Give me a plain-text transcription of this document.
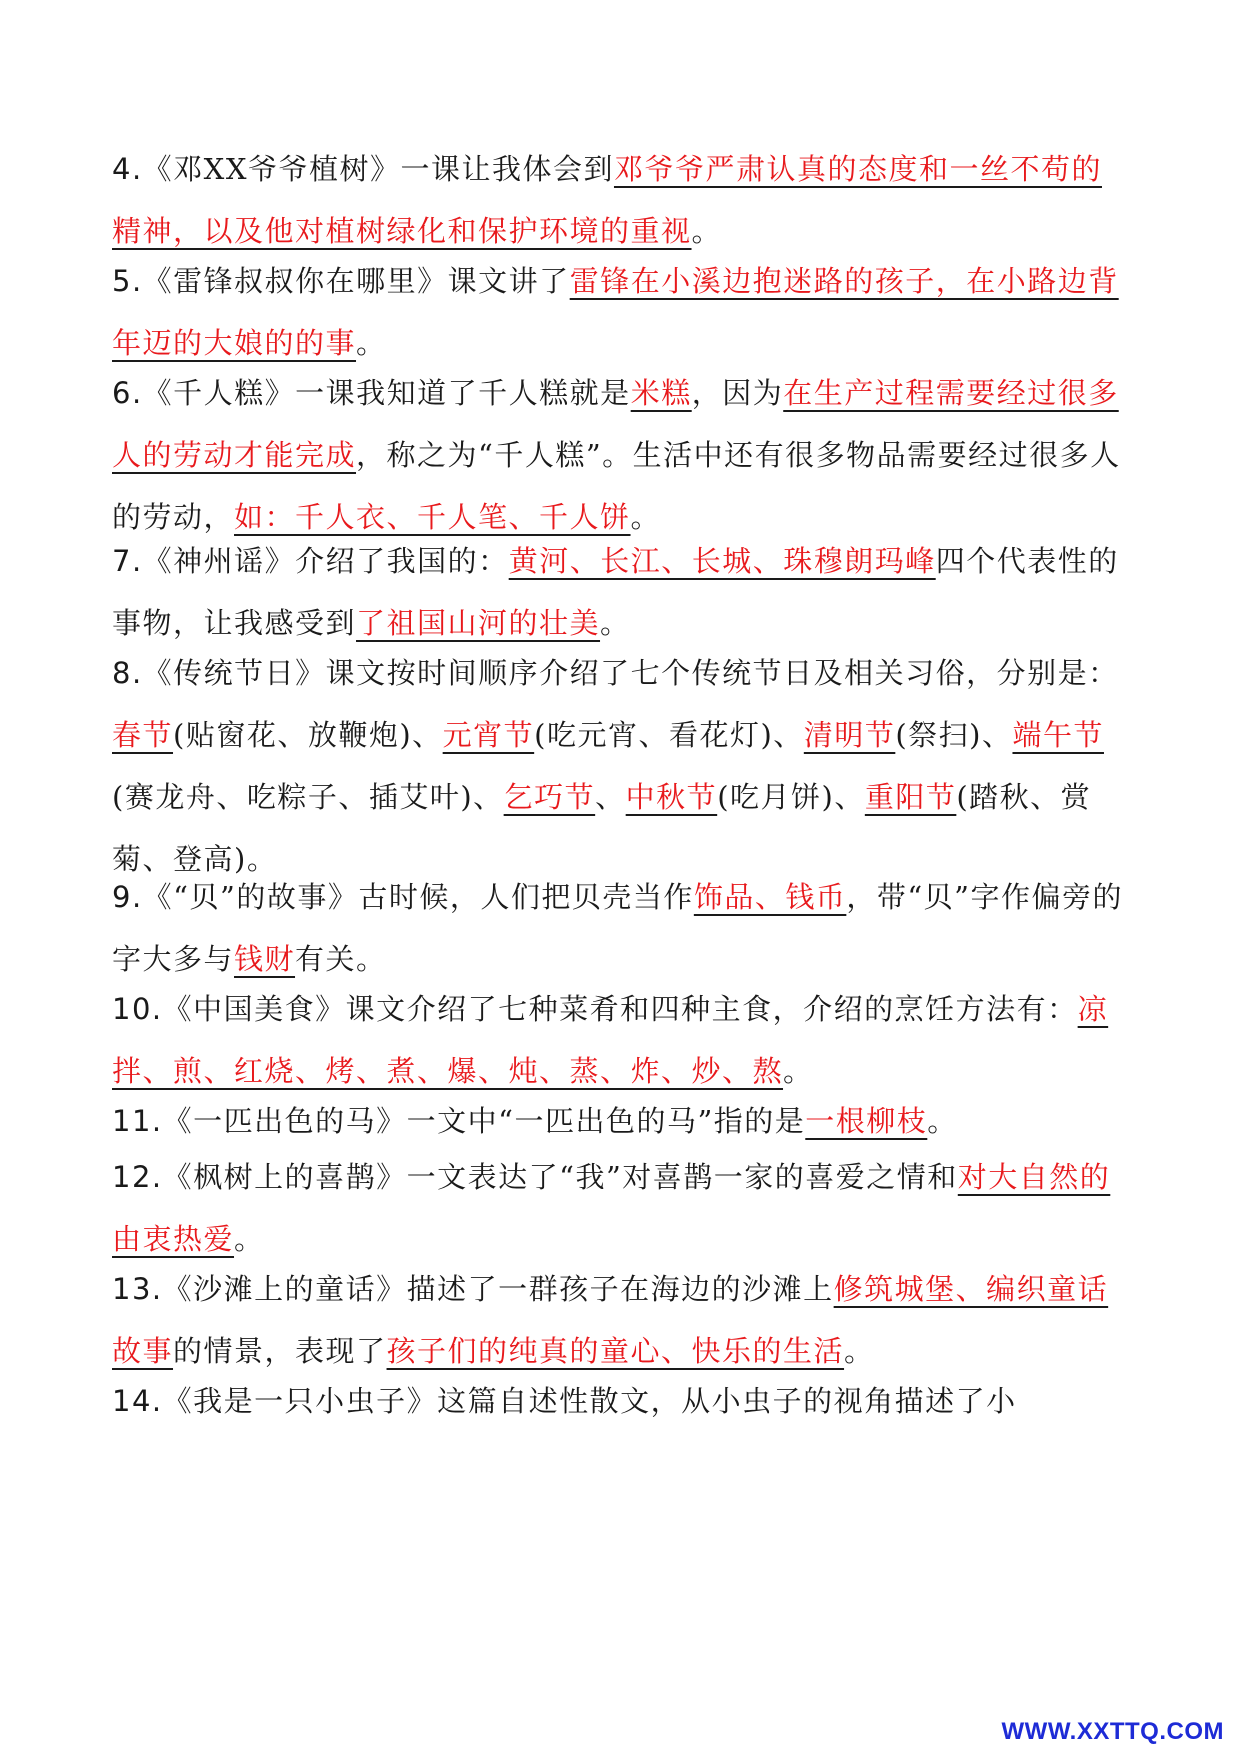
4.《邓XX爷爷植树》一课让我体会到邓爷爷严肃认真的态度和一丝不苟的精神，以及他对植树绿化和保护环境的重视。

5.《雷锋叔叔你在哪里》课文讲了雷锋在小溪边抱迷路的孩子，在小路边背年迈的大娘的的事。

6.《千人糕》一课我知道了千人糕就是米糕，因为在生产过程需要经过很多人的劳动才能完成，称之为“千人糕”。生活中还有很多物品需要经过很多人的劳动，如：千人衣、千人笔、千人饼。

7.《神州谣》介绍了我国的：黄河、长江、长城、珠穆朗玛峰四个代表性的事物，让我感受到了祖国山河的壮美。

8.《传统节日》课文按时间顺序介绍了七个传统节日及相关习俗，分别是：春节(贴窗花、放鞭炮)、元宵节(吃元宵、看花灯)、清明节(祭扫)、端午节(赛龙舟、吃粽子、插艾叶)、乞巧节、中秋节(吃月饼)、重阳节(踏秋、赏菊、登高)。

9.《“贝”的故事》古时候，人们把贝壳当作饰品、钱币，带“贝”字作偏旁的字大多与钱财有关。

10.《中国美食》课文介绍了七种菜肴和四种主食，介绍的烹饪方法有：凉拌、煎、红烧、烤、煮、爆、炖、蒸、炸、炒、熬。

11.《一匹出色的马》一文中“一匹出色的马”指的是一根柳枝。

12.《枫树上的喜鹊》一文表达了“我”对喜鹊一家的喜爱之情和对大自然的由衷热爱。

13.《沙滩上的童话》描述了一群孩子在海边的沙滩上修筑城堡、编织童话故事的情景，表现了孩子们的纯真的童心、快乐的生活。

14.《我是一只小虫子》这篇自述性散文，从小虫子的视角描述了小

WWW.XXTTQ.COM
